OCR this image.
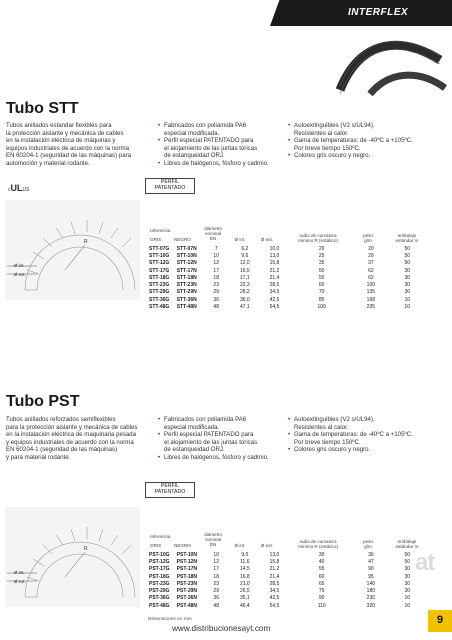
INTERFLEX
Tubo STT
Tubos anillados estandar flexibles para
la protección aislante y mecánica de cables
en la instalación eléctrica de máquinas y
equipos industriales de acuerdo con la norma
EN 60204-1 (seguridad de las máquinas) para
automoción y material rodante.
• Fabricados con poliamida PA6
especial modificada.
• Perfil especial PATENTADO para
el alojamiento de las juntas tóricas
de estanqueidad ORJ.
• Libres de halógenos, fósforo y cadmio.
• Autoextinguibles (V2 s/UL94).
Resistentes al calor.
• Gama de temperaturas: de -40ºC a +105ºC.
Por breve tiempo 150ºC.
• Colores gris oscuro y negro.
cULUS
PERFIL
PATENTADO
R
Ø int.
Ø ext.
referencia
GRIS	NEGRO
diámetro
nominal
DN	Ø int.	Ø ext.
radio de curvatura
mínimo R (estático)
peso
g/m
embalaje
estándar m
STT-07G	STT-07N	7	6,2	10,0	20	20	50
STT-10G	STT-10N	10	9,6	13,0	25	29	50
STT-12G	STT-12N	12	12,0	15,8	35	37	50
STT-17G	STT-17N	17	16,5	21,2	50	62	30
STT-18G	STT-18N	18	17,1	21,4	55	62	30
STT-23G	STT-23N	23	22,3	28,5	60	100	30
STT-29G	STT-29N	29	28,2	34,5	70	135	30
STT-36G	STT-36N	36	36,0	42,5	85	168	10
STT-48G	STT-48N	48	47,1	54,5	100	235	10
Tubo PST
Tubos anillados reforzados semiflexibles
para la protección aislante y mecánica de cables
en la instalación eléctrica de maquinaria pesada
y equipos industriales de acuerdo con la norma
EN 60204-1 (seguridad de las máquinas)
y para material rodante.
• Fabricados con poliamida PA6
especial modificada.
• Perfil especial PATENTADO para
el alojamiento de las juntas tóricas
de estanqueidad ORJ.
• Libres de halógenos, fósforo y cadmio.
• Autoextinguibles (V2 s/UL94).
Resistentes al calor.
• Gama de temperaturas: de -40ºC a +105ºC.
Por breve tiempo 150ºC.
• Colores gris oscuro y negro.
PERFIL
PATENTADO
R
Ø int.
Ø ext.
referencia
GRIS	NEGRO
diámetro
nominal
DN	Ø int.	Ø ext.
radio de curvatura
mínimo R (estático)
peso
g/m
embalaje
estándar m
PST-10G	PST-10N	10	9,0	13,0	30	36	50
PST-12G	PST-12N	12	11,6	15,8	40	47	50
PST-17G	PST-17N	17	14,5	21,2	55	90	30
PST-18G	PST-18N	18	16,8	21,4	60	95	30
PST-23G	PST-23N	23	21,0	28,5	65	140	30
PST-29G	PST-29N	29	26,5	34,5	75	180	30
PST-36G	PST-36N	36	35,1	42,5	90	230	10
PST-48G	PST-48N	48	46,4	54,5	110	320	10
at
Dimensiones en mm
www.distribucionesayt.com
9
